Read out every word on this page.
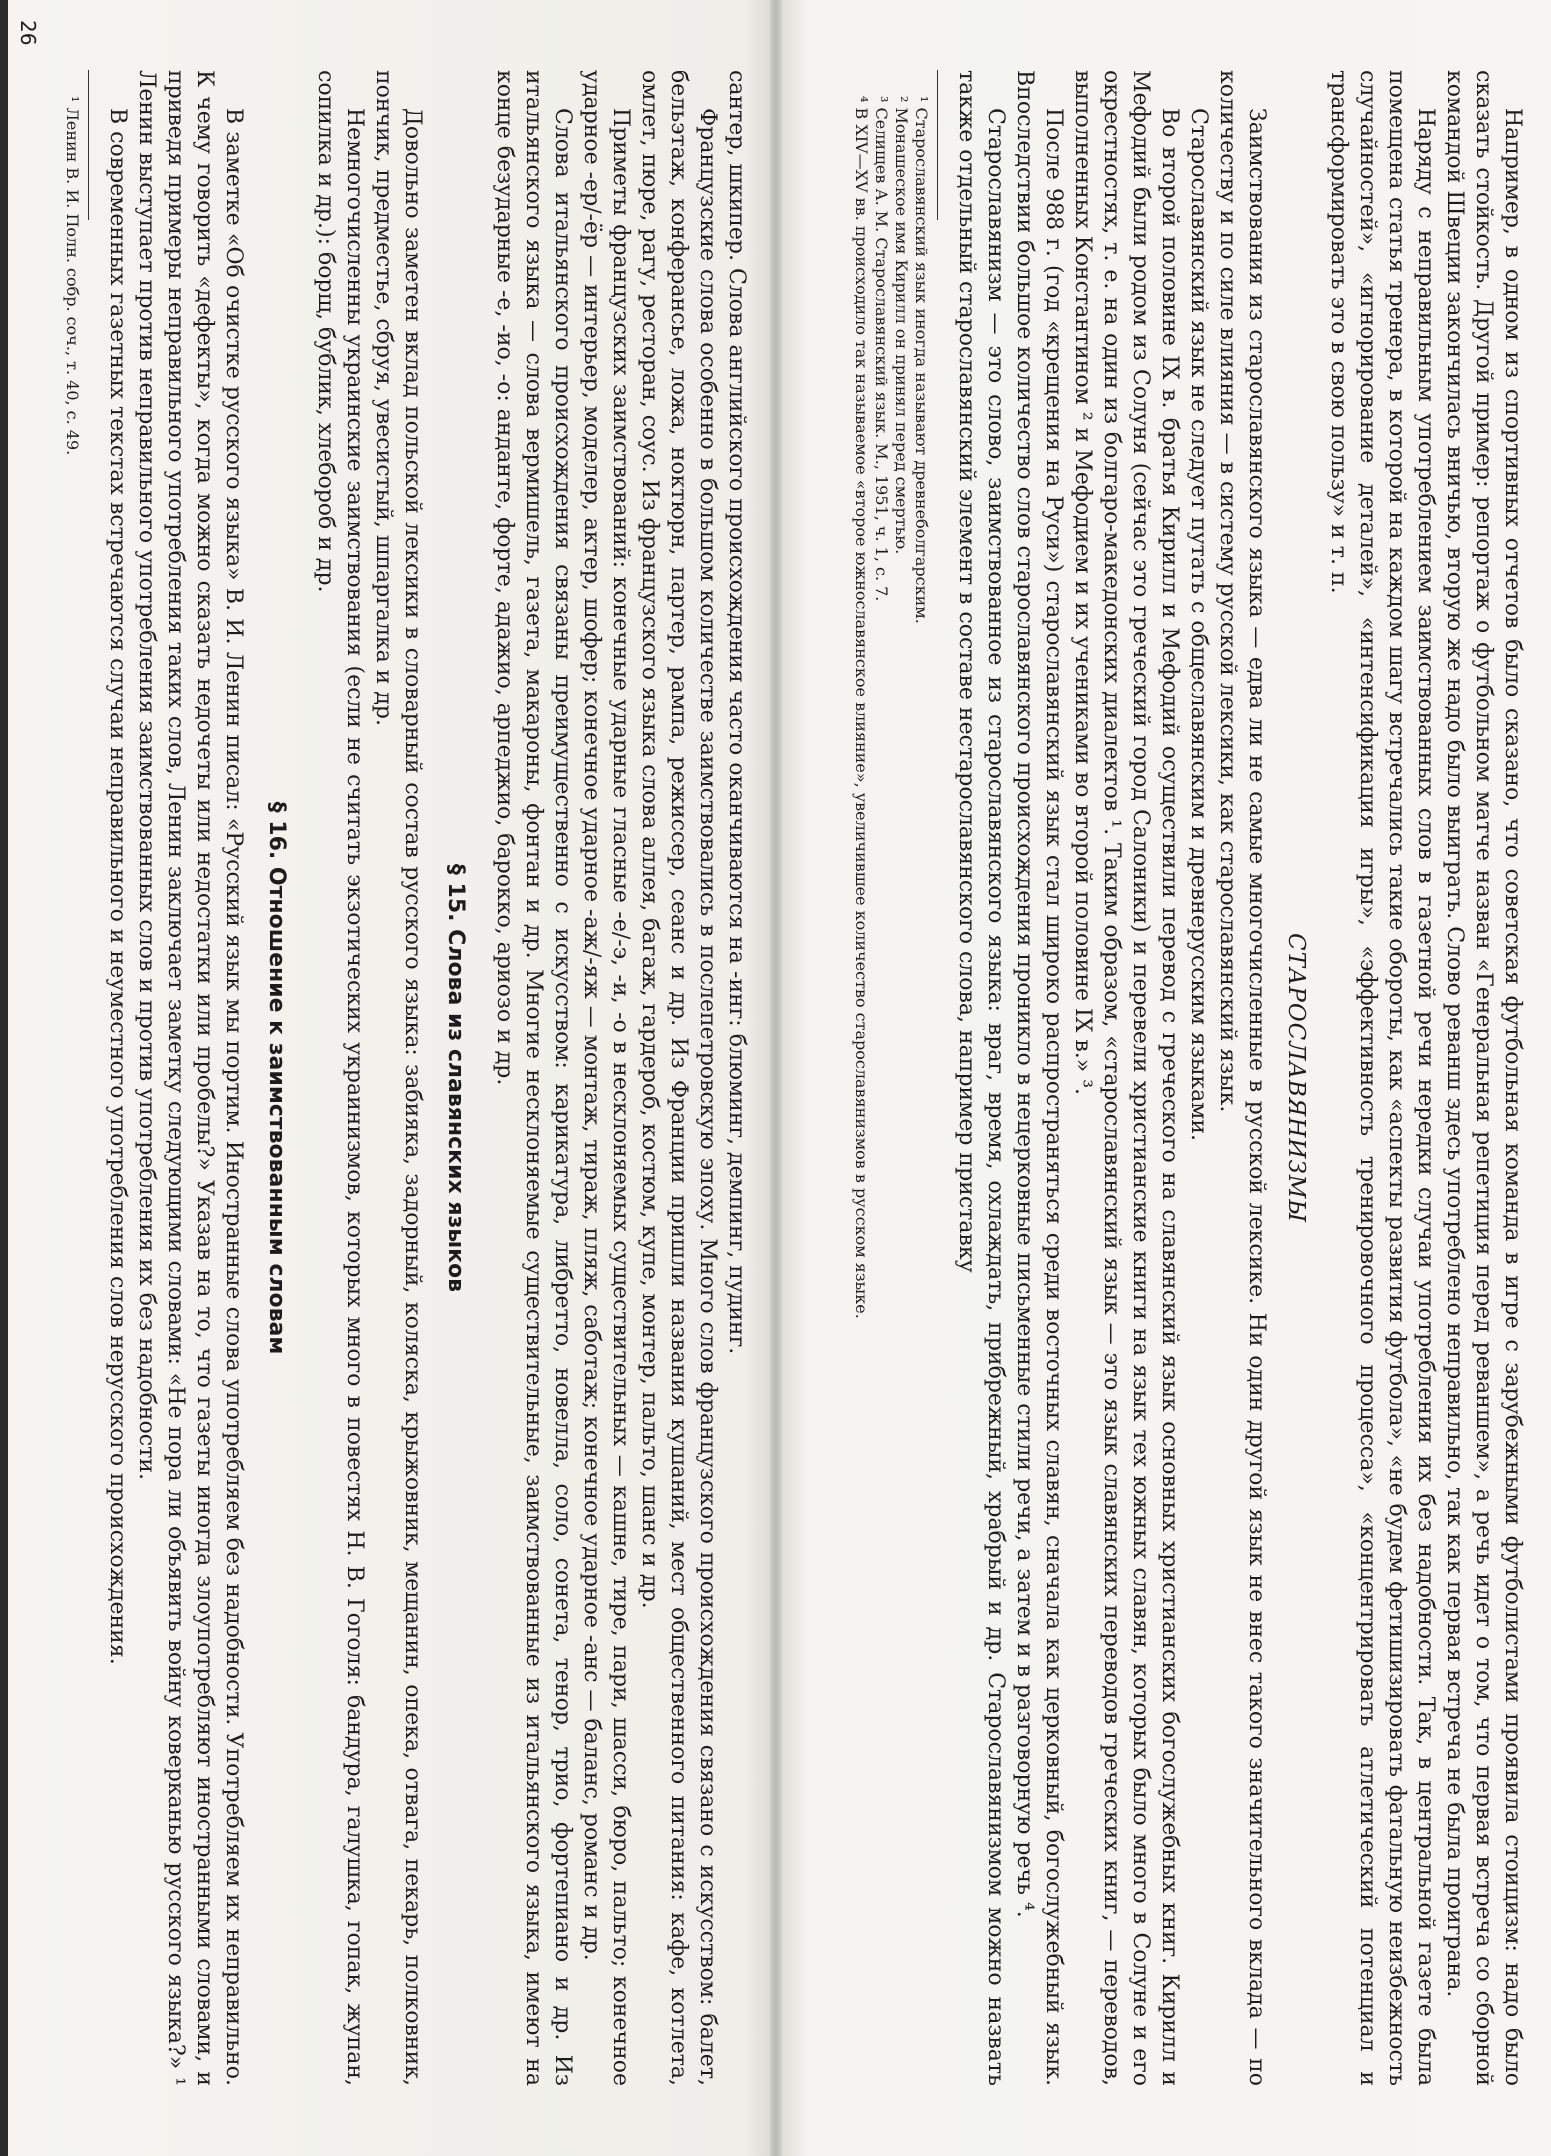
сантер, шкипер. Слова английского происхождения часто оканчиваются на -инг: блюминг, демпинг, пудинг.

Французские слова особенно в большом количестве заимствовались в послепетровскую эпоху. Много слов французского происхождения связано с искусством: балет, бельэтаж, конферансье, ложа, ноктюрн, партер, рампа, режиссер, сеанс и др. Из Франции пришли названия кушаний, мест общественного питания: кафе, котлета, омлет, пюре, рагу, ресторан, соус. Из французского языка слова аллея, багаж, гардероб, костюм, купе, монтер, пальто, шанс и др.

Приметы французских заимствований: конечные ударные гласные -е/-э, -и, -о в несклоняемых существительных — кашне, тире, пари, шасси, бюро, пальто; конечное ударное -ер/-ёр — интерьер, моделер, актер, шофер; конечное ударное -аж/-яж — монтаж, тираж, пляж, саботаж; конечное ударное -анс — баланс, романс и др.

Слова итальянского происхождения связаны преимущественно с искусством: карикатура, либретто, новелла, соло, сонета, тенор, трио, фортепиано и др. Из итальянского языка — слова вермишель, газета, макароны, фонтан и др. Многие несклоняемые существительные, заимствованные из итальянского языка, имеют на конце безударные -е, -ио, -о: анданте, форте, адажио, арпеджио, барокко, ариозо и др.

§ 15. Слова из славянских языков

Довольно заметен вклад польской лексики в словарный состав русского языка: забияка, задорный, коляска, крыжовник, мещанин, опека, отвага, пекарь, полковник, пончик, предместье, сбруя, увесистый, шпаргалка и др.

Немногочисленны украинские заимствования (если не считать экзотических украинизмов, которых много в повестях Н. В. Гоголя: бандура, галушка, гопак, жупан, сопилка и др.): борщ, бублик, хлебороб и др.

§ 16. Отношение к заимствованным словам

В заметке «Об очистке русского языка» В. И. Ленин писал: «Русский язык мы портим. Иностранные слова употребляем без надобности. Употребляем их неправильно. К чему говорить «дефекты», когда можно сказать недочеты или недостатки или пробелы?» Указав на то, что газеты иногда злоупотребляют иностранными словами, и приведя примеры неправильного употребления таких слов, Ленин заключает заметку следующими словами: «Не пора ли объявить войну коверканью русского языка?» ¹ Ленин выступает против неправильного употребления заимствованных слов и против употребления их без надобности.

В современных газетных текстах встречаются случаи неправильного и неуместного употребления слов нерусского происхождения.

¹ Ленин В. И. Полн. собр. соч., т. 40, с. 49.

26

Например, в одном из спортивных отчетов было сказано, что советская футбольная команда в игре с зарубежными футболистами проявила стоицизм: надо было сказать стойкость. Другой пример: репортаж о футбольном матче назван «Генеральная репетиция перед реваншем», а речь идет о том, что первая встреча со сборной командой Швеции закончилась вничью, вторую же надо было выиграть. Слово реванш здесь употреблено неправильно, так как первая встреча не была проиграна.

Наряду с неправильным употреблением заимствованных слов в газетной речи нередки случаи употребления их без надобности. Так, в центральной газете была помещена статья тренера, в которой на каждом шагу встречались такие обороты, как «аспекты развития футбола», «не будем фетишизировать фатальную неизбежность случайностей», «игнорирование деталей», «интенсификация игры», «эффективность тренировочного процесса», «концентрировать атлетический потенциал и трансформировать это в свою пользу» и т. п.

СТАРОСЛАВЯНИЗМЫ

Заимствования из старославянского языка — едва ли не самые многочисленные в русской лексике. Ни один другой язык не внес такого значительного вклада — по количеству и по силе влияния — в систему русской лексики, как старославянский язык.

Старославянский язык не следует путать с общеславянским и древнерусским языками.

Во второй половине IX в. братья Кирилл и Мефодий осуществили перевод с греческого на славянский язык основных христианских богослужебных книг. Кирилл и Мефодий были родом из Солуня (сейчас это греческий город Салоники) и перевели христианские книги на язык тех южных славян, которых было много в Солуне и его окрестностях, т. е. на один из болгаро-македонских диалектов ¹. Таким образом, «старославянский язык — это язык славянских переводов греческих книг, — переводов, выполненных Константином ² и Мефодием и их учениками во второй половине IX в.» ³.

После 988 г. (год «крещения на Руси») старославянский язык стал широко распространяться среди восточных славян, сначала как церковный, богослужебный язык. Впоследствии большое количество слов старославянского происхождения проникло в нецерковные письменные стили речи, а затем и в разговорную речь ⁴.

Старославянизм — это слово, заимствованное из старославянского языка: враг, время, охлаждать, прибрежный, храбрый и др. Старославянизмом можно назвать также отдельный старославянский элемент в составе нестарославянского слова, например приставку

¹ Старославянский язык иногда называют древнеболгарским.

² Монашеское имя Кирилл он принял перед смертью.

³ Селищев А. М. Старославянский язык. М., 1951, ч. 1, с. 7.

⁴ В XIV—XV вв. происходило так называемое «второе южнославянское влияние», увеличившее количество старославянизмов в русском языке.
